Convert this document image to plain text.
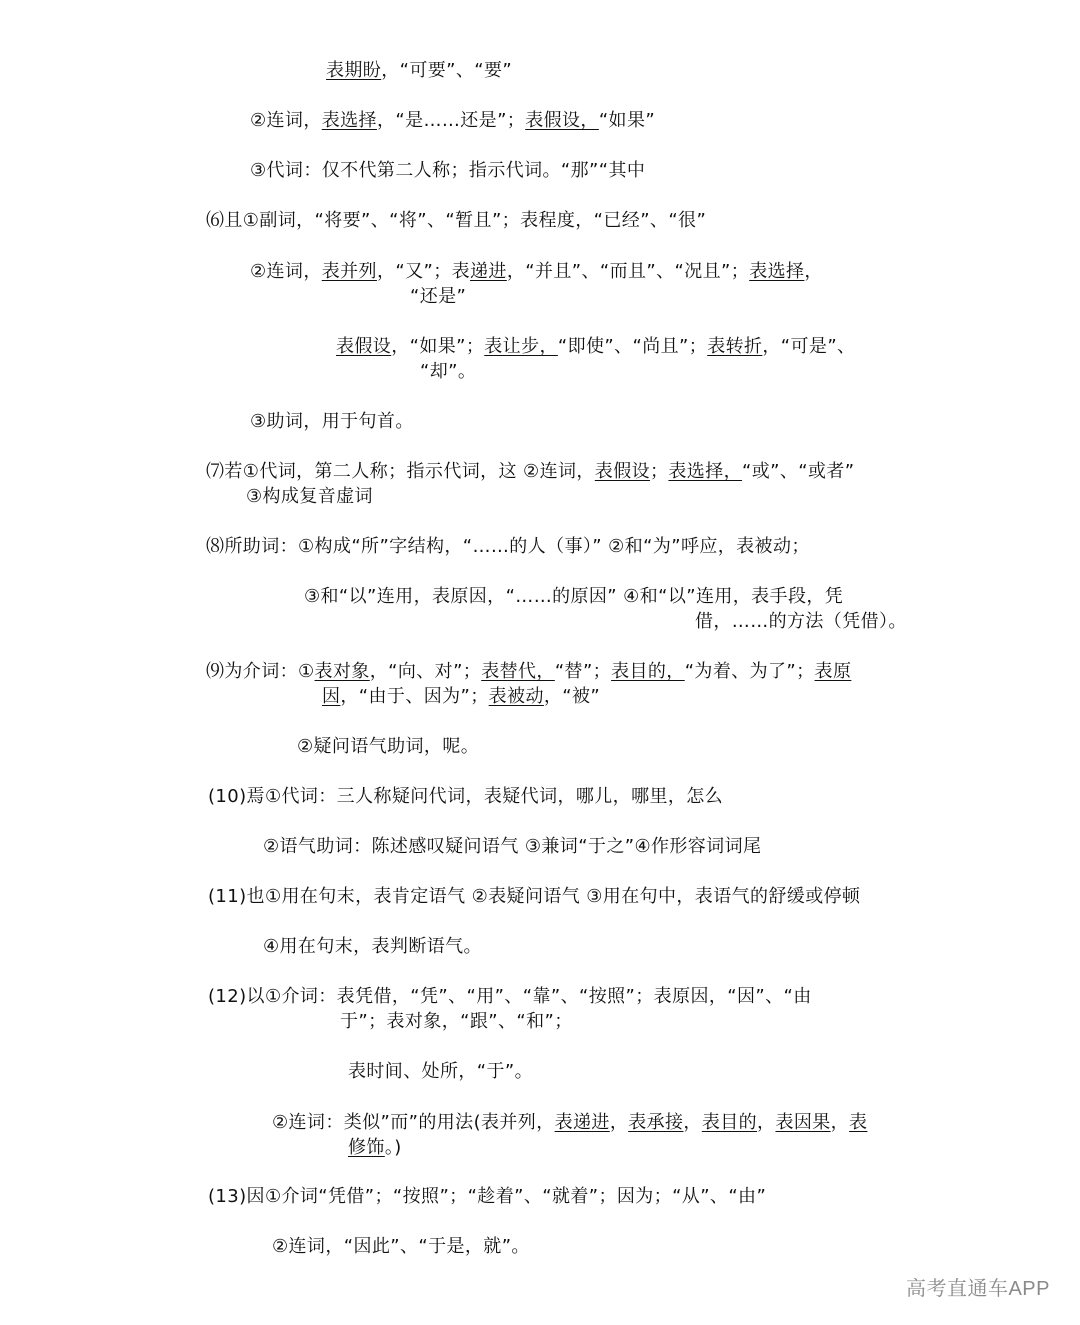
表期盼，“可要”、“要”
②连词，表选择，“是……还是”；表假设，“如果”
③代词：仅不代第二人称；指示代词。“那”“其中
⑹且①副词，“将要”、“将”、“暂且”；表程度，“已经”、“很”
②连词，表并列，“又”；表递进，“并且”、“而且”、“况且”；表选择，
“还是”
表假设，“如果”；表让步，“即使”、“尚且”；表转折，“可是”、
“却”。
③助词，用于句首。
⑺若①代词，第二人称；指示代词，这 ②连词，表假设；表选择，“或”、“或者”
③构成复音虚词
⑻所助词：①构成“所”字结构，“……的人（事）” ②和“为”呼应，表被动；
③和“以”连用，表原因，“……的原因” ④和“以”连用，表手段，凭
借，……的方法（凭借）。
⑼为介词：①表对象，“向、对”；表替代，“替”；表目的，“为着、为了”；表原
因，“由于、因为”；表被动，“被”
②疑问语气助词，呢。
(10)焉①代词：三人称疑问代词，表疑代词，哪儿，哪里，怎么
②语气助词：陈述感叹疑问语气 ③兼词“于之”④作形容词词尾
(11)也①用在句末，表肯定语气 ②表疑问语气 ③用在句中，表语气的舒缓或停顿
④用在句末，表判断语气。
(12)以①介词：表凭借，“凭”、“用”、“靠”、“按照”；表原因，“因”、“由
于”；表对象，“跟”、“和”；
表时间、处所，“于”。
②连词：类似”而”的用法(表并列，表递进，表承接，表目的，表因果，表
修饰。)
(13)因①介词“凭借”；“按照”；“趁着”、“就着”；因为；“从”、“由”
②连词，“因此”、“于是，就”。
高考直通车APP
